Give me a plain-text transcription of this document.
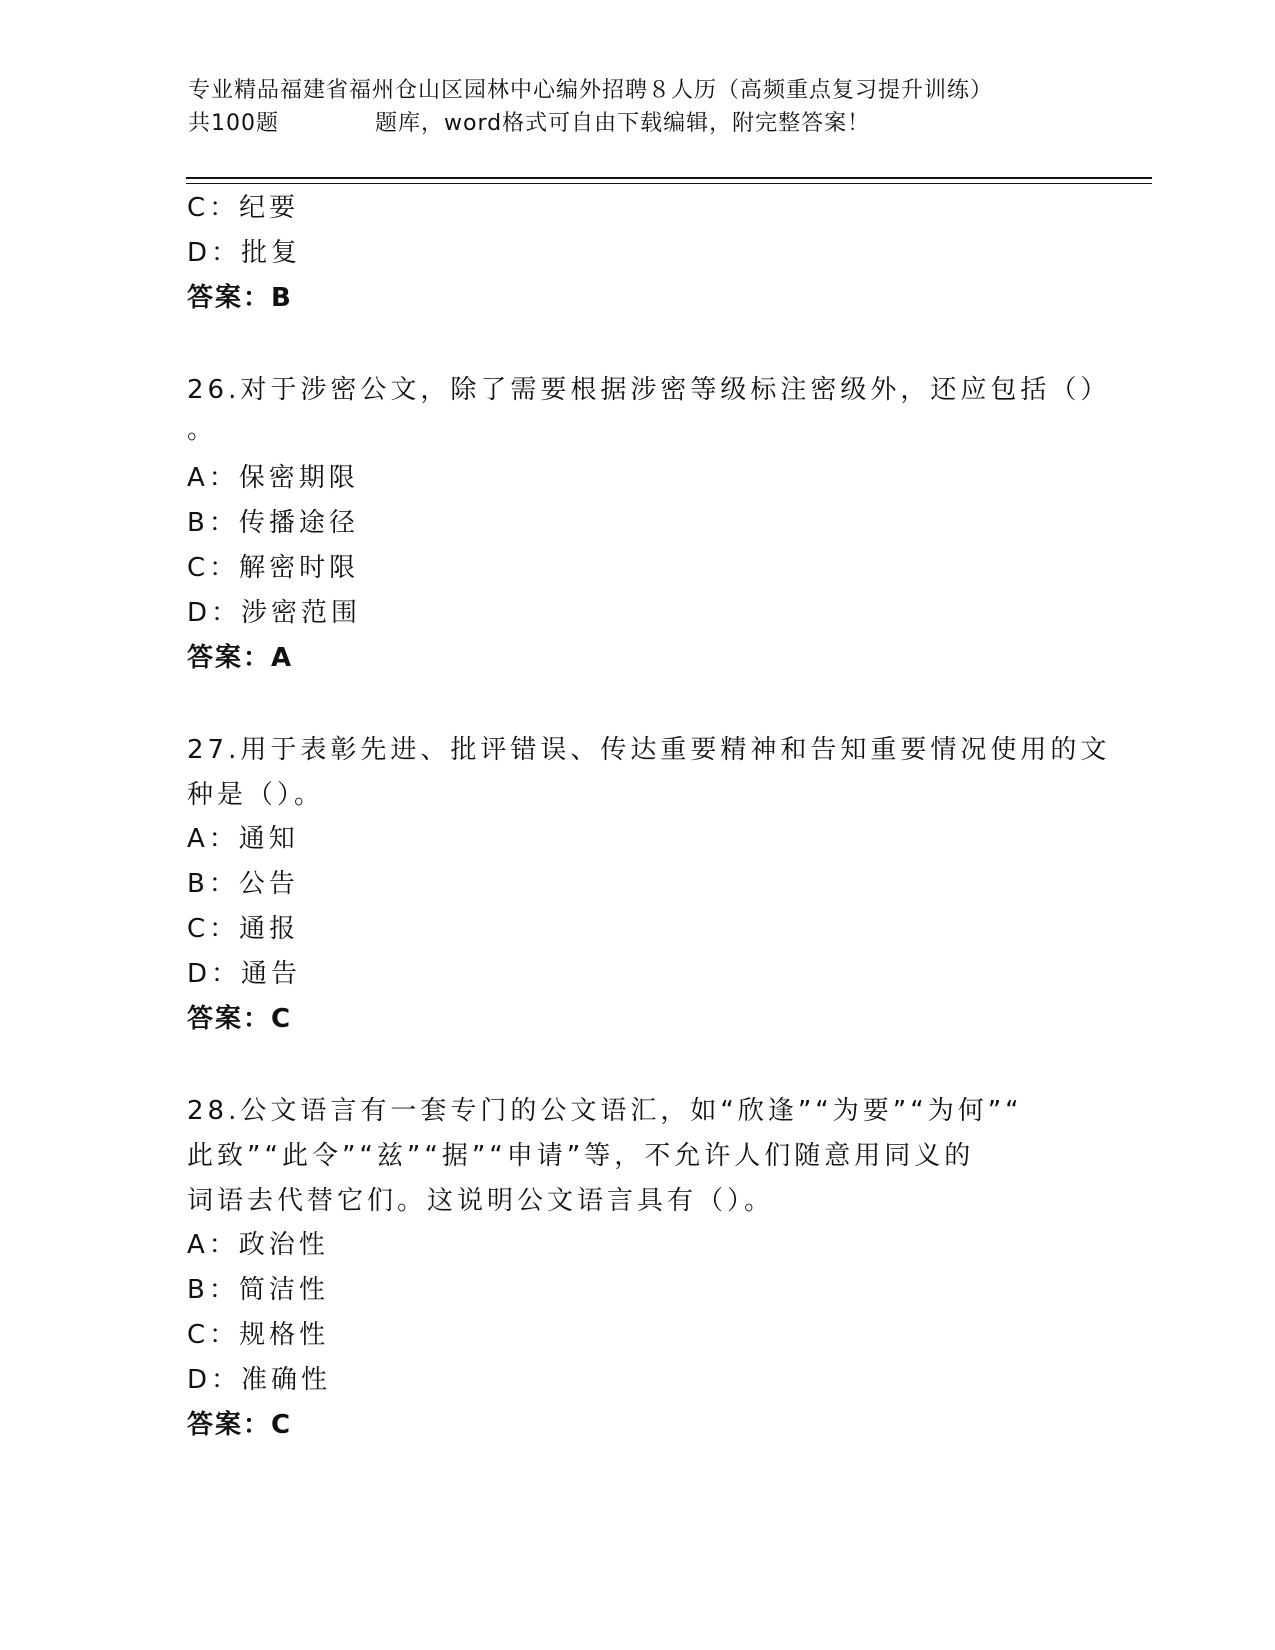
专业精品福建省福州仓山区园林中心编外招聘８人历（高频重点复习提升训练）
共100题	题库，word格式可自由下载编辑，附完整答案！
C：纪要
D：批复
答案：B
26.对于涉密公文，除了需要根据涉密等级标注密级外，还应包括（）
。
A：保密期限
B：传播途径
C：解密时限
D：涉密范围
答案：A
27.用于表彰先进、批评错误、传达重要精神和告知重要情况使用的文
种是（）。
A：通知
B：公告
C：通报
D：通告
答案：C
28.公文语言有一套专门的公文语汇，如“欣逢”“为要”“为何”“
此致”“此令”“兹”“据”“申请”等，不允许人们随意用同义的
词语去代替它们。这说明公文语言具有（）。
A：政治性
B：简洁性
C：规格性
D：准确性
答案：C
